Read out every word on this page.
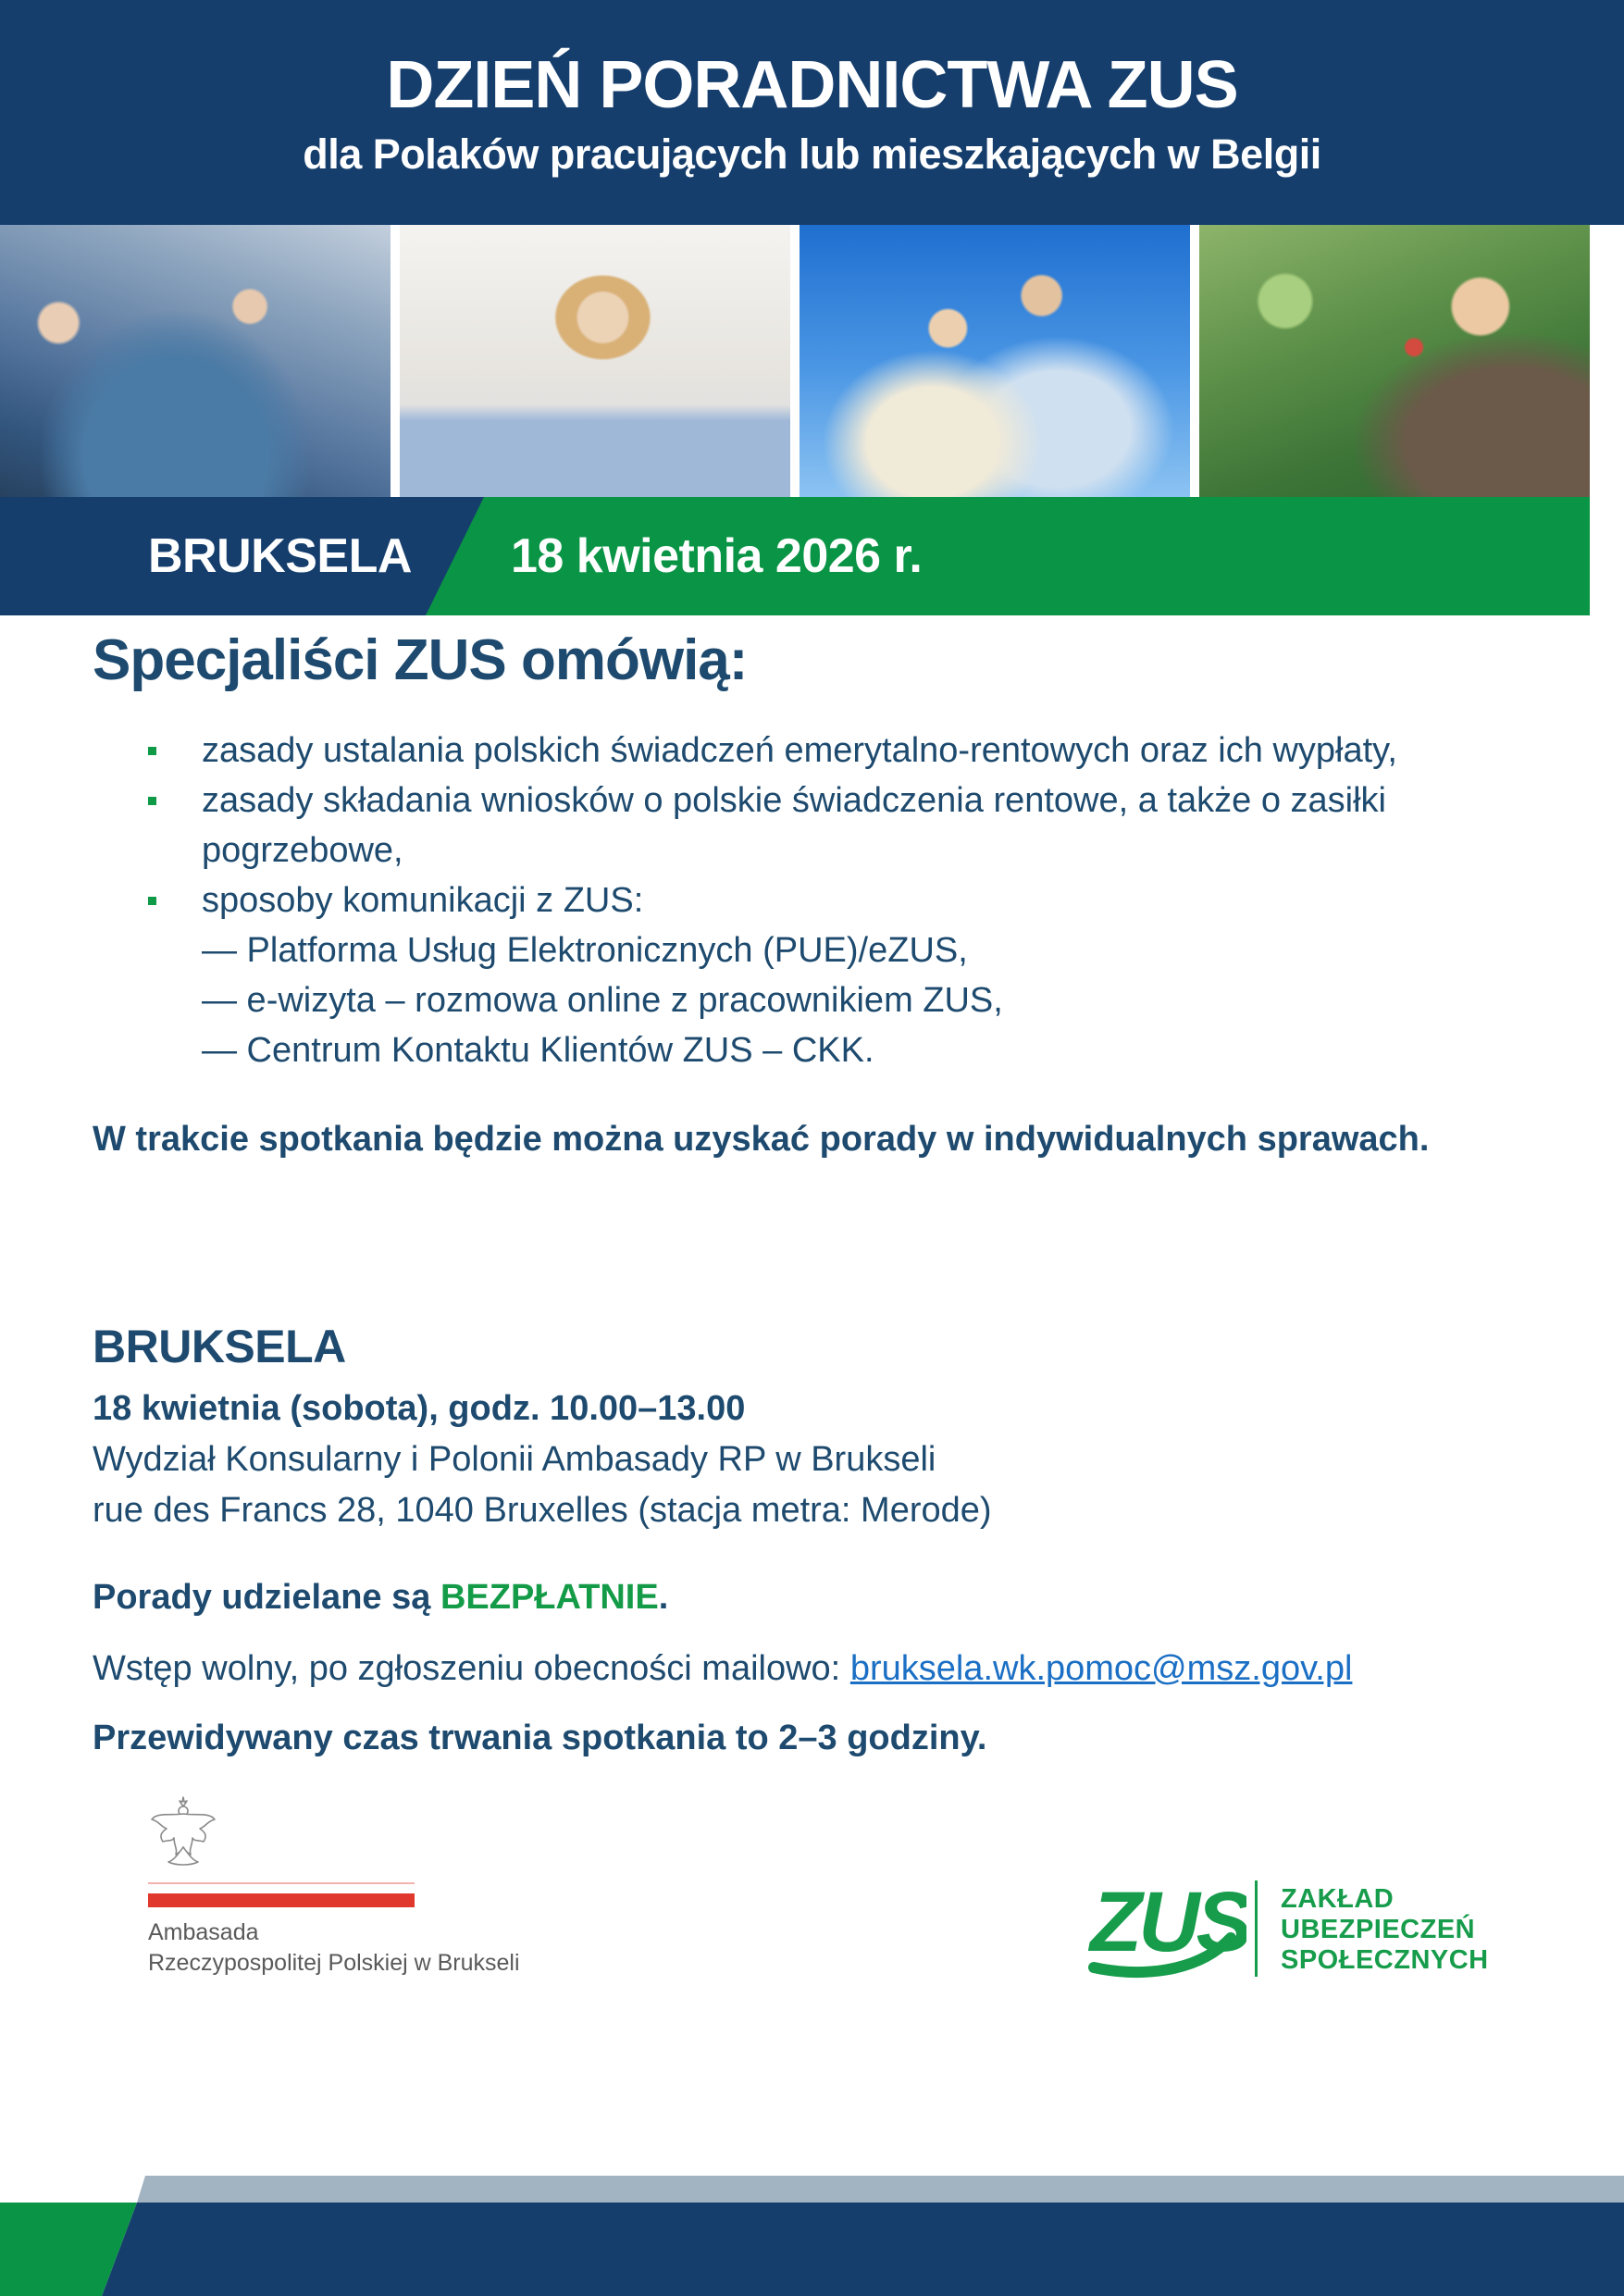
DZIEŃ PORADNICTWA ZUS
dla Polaków pracujących lub mieszkających w Belgii
BRUKSELA 18 kwietnia 2026 r.
Specjaliści ZUS omówią:
zasady ustalania polskich świadczeń emerytalno-rentowych oraz ich wypłaty,
zasady składania wniosków o polskie świadczenia rentowe, a także o zasiłki pogrzebowe,
sposoby komunikacji z ZUS:
— Platforma Usług Elektronicznych (PUE)/eZUS,
— e-wizyta – rozmowa online z pracownikiem ZUS,
— Centrum Kontaktu Klientów ZUS – CKK.
W trakcie spotkania będzie można uzyskać porady w indywidualnych sprawach.
BRUKSELA
18 kwietnia (sobota), godz. 10.00–13.00
Wydział Konsularny i Polonii Ambasady RP w Brukseli
rue des Francs 28, 1040 Bruxelles (stacja metra: Merode)
Porady udzielane są BEZPŁATNIE.
Wstęp wolny, po zgłoszeniu obecności mailowo: bruksela.wk.pomoc@msz.gov.pl
Przewidywany czas trwania spotkania to 2–3 godziny.
Ambasada
Rzeczypospolitej Polskiej w Brukseli	ZUS ZAKŁAD
UBEZPIECZEŃ
SPOŁECZNYCH
